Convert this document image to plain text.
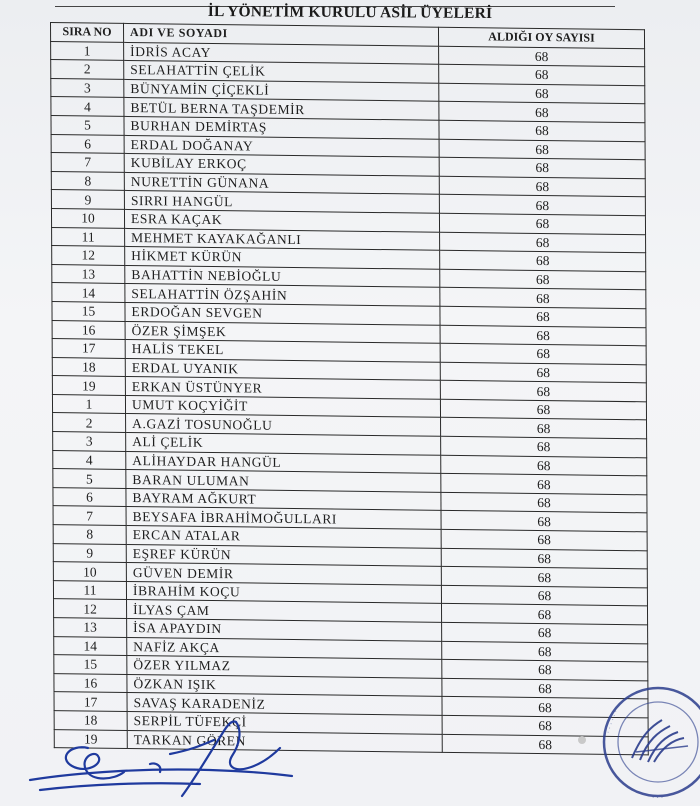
İL YÖNETİM KURULU ASİL ÜYELERİ
SIRA NO	ADI VE SOYADI	ALDIĞI OY SAYISI
1	İDRİS ACAY	68
2	SELAHATTİN ÇELİK	68
3	BÜNYAMİN ÇİÇEKLİ	68
4	BETÜL BERNA TAŞDEMİR	68
5	BURHAN DEMİRTAŞ	68
6	ERDAL DOĞANAY	68
7	KUBİLAY ERKOÇ	68
8	NURETTİN GÜNANA	68
9	SIRRI HANGÜL	68
10	ESRA KAÇAK	68
11	MEHMET KAYAKAĞANLI	68
12	HİKMET KÜRÜN	68
13	BAHATTİN NEBİOĞLU	68
14	SELAHATTİN ÖZŞAHİN	68
15	ERDOĞAN SEVGEN	68
16	ÖZER ŞİMŞEK	68
17	HALİS TEKEL	68
18	ERDAL UYANIK	68
19	ERKAN ÜSTÜNYER	68
1	UMUT KOÇYİĞİT	68
2	A.GAZİ TOSUNOĞLU	68
3	ALİ ÇELİK	68
4	ALİHAYDAR HANGÜL	68
5	BARAN ULUMAN	68
6	BAYRAM AĞKURT	68
7	BEYSAFA İBRAHİMOĞULLARI	68
8	ERCAN ATALAR	68
9	EŞREF KÜRÜN	68
10	GÜVEN DEMİR	68
11	İBRAHİM KOÇU	68
12	İLYAS ÇAM	68
13	İSA APAYDIN	68
14	NAFİZ AKÇA	68
15	ÖZER YILMAZ	68
16	ÖZKAN IŞIK	68
17	SAVAŞ KARADENİZ	68
18	SERPİL TÜFEKÇİ	68
19	TARKAN GÖREN	68
· · · · · ·
· · ·
